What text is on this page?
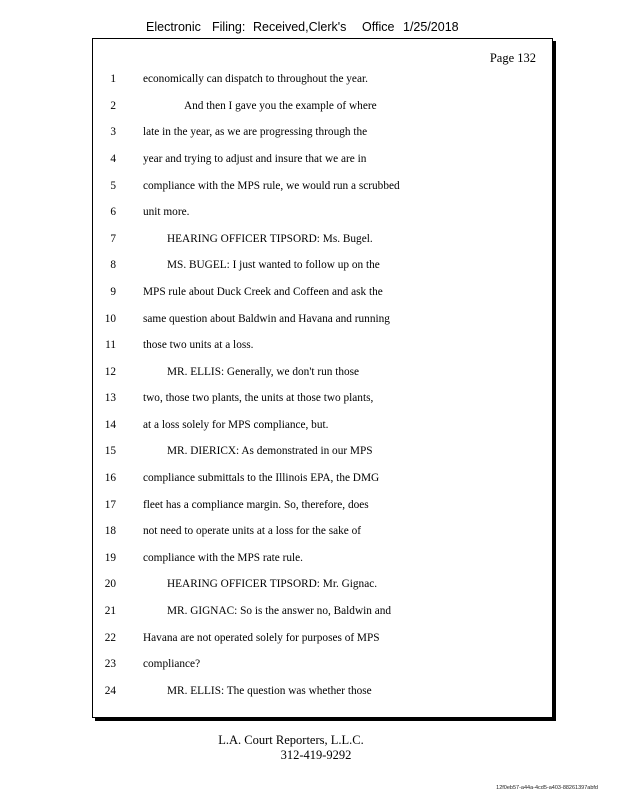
Electronic Filing: Received,Clerk's Office 1/25/2018
Page 132
1 economically can dispatch to throughout the year.
2	And then I gave you the example of where
3 late in the year, as we are progressing through the
4 year and trying to adjust and insure that we are in
5 compliance with the MPS rule, we would run a scrubbed
6 unit more.
7	HEARING OFFICER TIPSORD: Ms. Bugel.
8	MS. BUGEL: I just wanted to follow up on the
9 MPS rule about Duck Creek and Coffeen and ask the
10 same question about Baldwin and Havana and running
11 those two units at a loss.
12	MR. ELLIS: Generally, we don't run those
13 two, those two plants, the units at those two plants,
14 at a loss solely for MPS compliance, but.
15	MR. DIERICX: As demonstrated in our MPS
16 compliance submittals to the Illinois EPA, the DMG
17 fleet has a compliance margin. So, therefore, does
18 not need to operate units at a loss for the sake of
19 compliance with the MPS rate rule.
20	HEARING OFFICER TIPSORD: Mr. Gignac.
21	MR. GIGNAC: So is the answer no, Baldwin and
22 Havana are not operated solely for purposes of MPS
23 compliance?
24	MR. ELLIS: The question was whether those
L.A. Court Reporters, L.L.C.
312-419-9292
12f0eb57-a44a-4cd5-a403-88261397abfd
